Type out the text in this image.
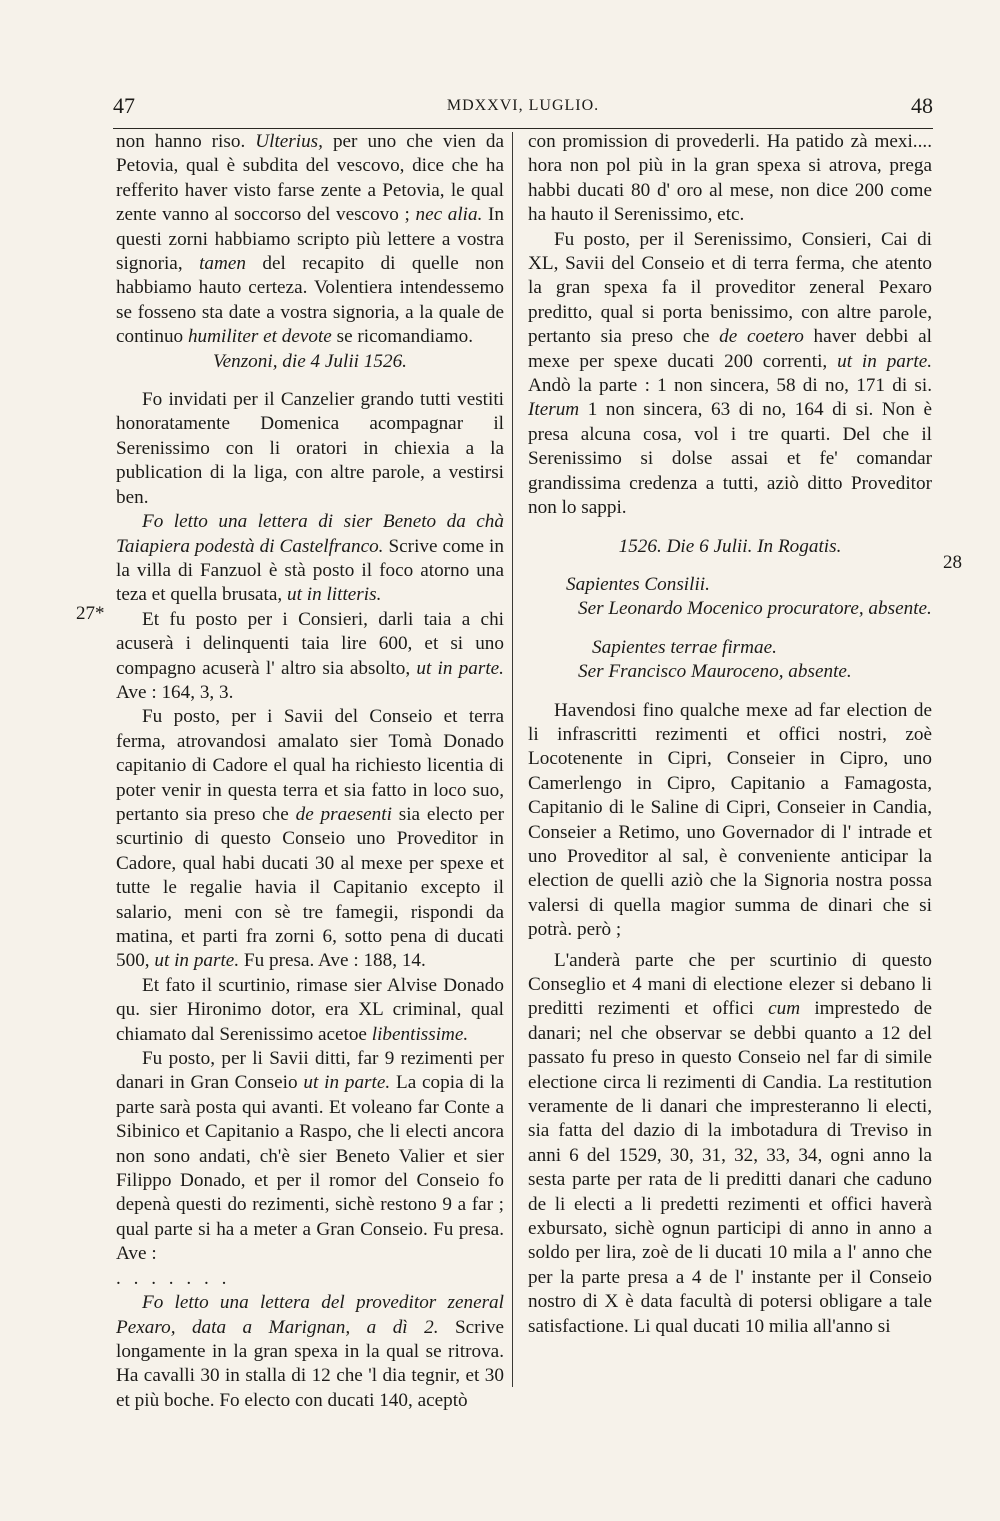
47	MDXXVI, LUGLIO.	48
27*
28

non hanno riso. Ulterius, per uno che vien da Petovia, qual è subdita del vescovo, dice che ha refferito haver visto farse zente a Petovia, le qual zente vanno al soccorso del vescovo ; nec alia. In questi zorni habbiamo scripto più lettere a vostra signoria, tamen del recapito di quelle non habbiamo hauto certeza. Volentiera intendessemo se fosseno sta date a vostra signoria, a la quale de continuo humiliter et devote se ricomandiamo.

Venzoni, die 4 Julii 1526.

Fo invidati per il Canzelier grando tutti vestiti honoratamente Domenica acompagnar il Serenissimo con li oratori in chiexia a la publication di la liga, con altre parole, a vestirsi ben.

Fo letto una lettera di sier Beneto da chà Taiapiera podestà di Castelfranco. Scrive come in la villa di Fanzuol è stà posto il foco atorno una teza et quella brusata, ut in litteris.

Et fu posto per i Consieri, darli taia a chi acuserà i delinquenti taia lire 600, et si uno compagno acuserà l' altro sia absolto, ut in parte. Ave : 164, 3, 3.

Fu posto, per i Savii del Conseio et terra ferma, atrovandosi amalato sier Tomà Donado capitanio di Cadore el qual ha richiesto licentia di poter venir in questa terra et sia fatto in loco suo, pertanto sia preso che de praesenti sia electo per scurtinio di questo Conseio uno Proveditor in Cadore, qual habi ducati 30 al mexe per spexe et tutte le regalie havia il Capitanio excepto il salario, meni con sè tre famegii, rispondi da matina, et parti fra zorni 6, sotto pena di ducati 500, ut in parte. Fu presa. Ave : 188, 14.

Et fato il scurtinio, rimase sier Alvise Donado qu. sier Hironimo dotor, era XL criminal, qual chiamato dal Serenissimo acetoe libentissime.

Fu posto, per li Savii ditti, far 9 rezimenti per danari in Gran Conseio ut in parte. La copia di la parte sarà posta qui avanti. Et voleano far Conte a Sibinico et Capitanio a Raspo, che li electi ancora non sono andati, ch'è sier Beneto Valier et sier Filippo Donado, et per il romor del Conseio fo depenà questi do rezimenti, sichè restono 9 a far ; qual parte si ha a meter a Gran Conseio. Fu presa. Ave :

. . . . . . .

Fo letto una lettera del proveditor zeneral Pexaro, data a Marignan, a dì 2. Scrive longamente in la gran spexa in la qual se ritrova. Ha cavalli 30 in stalla di 12 che 'l dia tegnir, et 30 et più boche. Fo electo con ducati 140, aceptò

con promission di provederli. Ha patido zà mexi.... hora non pol più in la gran spexa si atrova, prega habbi ducati 80 d' oro al mese, non dice 200 come ha hauto il Serenissimo, etc.

Fu posto, per il Serenissimo, Consieri, Cai di XL, Savii del Conseio et di terra ferma, che atento la gran spexa fa il proveditor zeneral Pexaro preditto, qual si porta benissimo, con altre parole, pertanto sia preso che de coetero haver debbi al mexe per spexe ducati 200 correnti, ut in parte. Andò la parte : 1 non sincera, 58 di no, 171 di si. Iterum 1 non sincera, 63 di no, 164 di si. Non è presa alcuna cosa, vol i tre quarti. Del che il Serenissimo si dolse assai et fe' comandar grandissima credenza a tutti, aziò ditto Proveditor non lo sappi.

1526. Die 6 Julii. In Rogatis.

Sapientes Consilii.

Ser Leonardo Mocenico procuratore, absente.

Sapientes terrae firmae.

Ser Francisco Mauroceno, absente.

Havendosi fino qualche mexe ad far election de li infrascritti rezimenti et offici nostri, zoè Locotenente in Cipri, Conseier in Cipro, uno Camerlengo in Cipro, Capitanio a Famagosta, Capitanio di le Saline di Cipri, Conseier in Candia, Conseier a Retimo, uno Governador di l' intrade et uno Proveditor al sal, è conveniente anticipar la election de quelli aziò che la Signoria nostra possa valersi di quella magior summa de dinari che si potrà. però ;

L'anderà parte che per scurtinio di questo Conseglio et 4 mani di electione elezer si debano li preditti rezimenti et offici cum imprestedo de danari; nel che observar se debbi quanto a 12 del passato fu preso in questo Conseio nel far di simile electione circa li rezimenti di Candia. La restitution veramente de li danari che impresteranno li electi, sia fatta del dazio di la imbotadura di Treviso in anni 6 del 1529, 30, 31, 32, 33, 34, ogni anno la sesta parte per rata de li preditti danari che caduno de li electi a li predetti rezimenti et offici haverà exbursato, sichè ognun participi di anno in anno a soldo per lira, zoè de li ducati 10 mila a l' anno che per la parte presa a 4 de l' instante per il Conseio nostro di X è data facultà di potersi obligare a tale satisfactione. Li qual ducati 10 milia all'anno si
